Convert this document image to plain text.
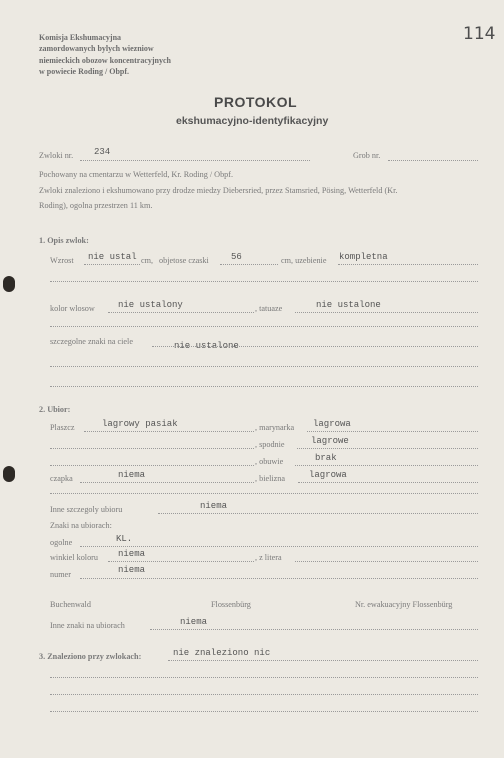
114
Komisja Ekshumacyjna
zamordowanych bylych wiezniow
niemieckich obozow koncentracyjnych
w powiecie Roding / Obpf.
PROTOKOL
ekshumacyjno-identyfikacyjny
Zwloki nr. 234	Grob nr.
Pochowany na cmentarzu w Wetterfeld, Kr. Roding / Obpf.
Zwloki znaleziono i ekshumowano przy drodze miedzy Diebersried, przez Stamsried, Pösing, Wetterfeld (Kr.
Roding), ogolna przestrzen 11 km.
1. Opis zwlok:
Wzrost nie ustal cm, objetose czaski 56	cm, uzebienie kompletna
kolor wlosow	nie ustalony	, tatuaze	nie ustalone
szczegolne znaki na ciele	nie ustalone
2. Ubior:
Plaszcz	lagrowy pasiak	, marynarka lagrowa
, spodnie	lagrowe
, obuwie	brak
czapka	niema	, bielizna	lagrowa
Inne szczegoly ubioru	niema
Znaki na ubiorach:
ogolne	KL.
winkiel koloru niema	, z litera
numer	niema
Buchenwald	Flossenbürg	Nr. ewakuacyjny Flossenbürg
Inne znaki na ubiorach	niema
3. Znaleziono przy zwlokach:	nie znaleziono nic
